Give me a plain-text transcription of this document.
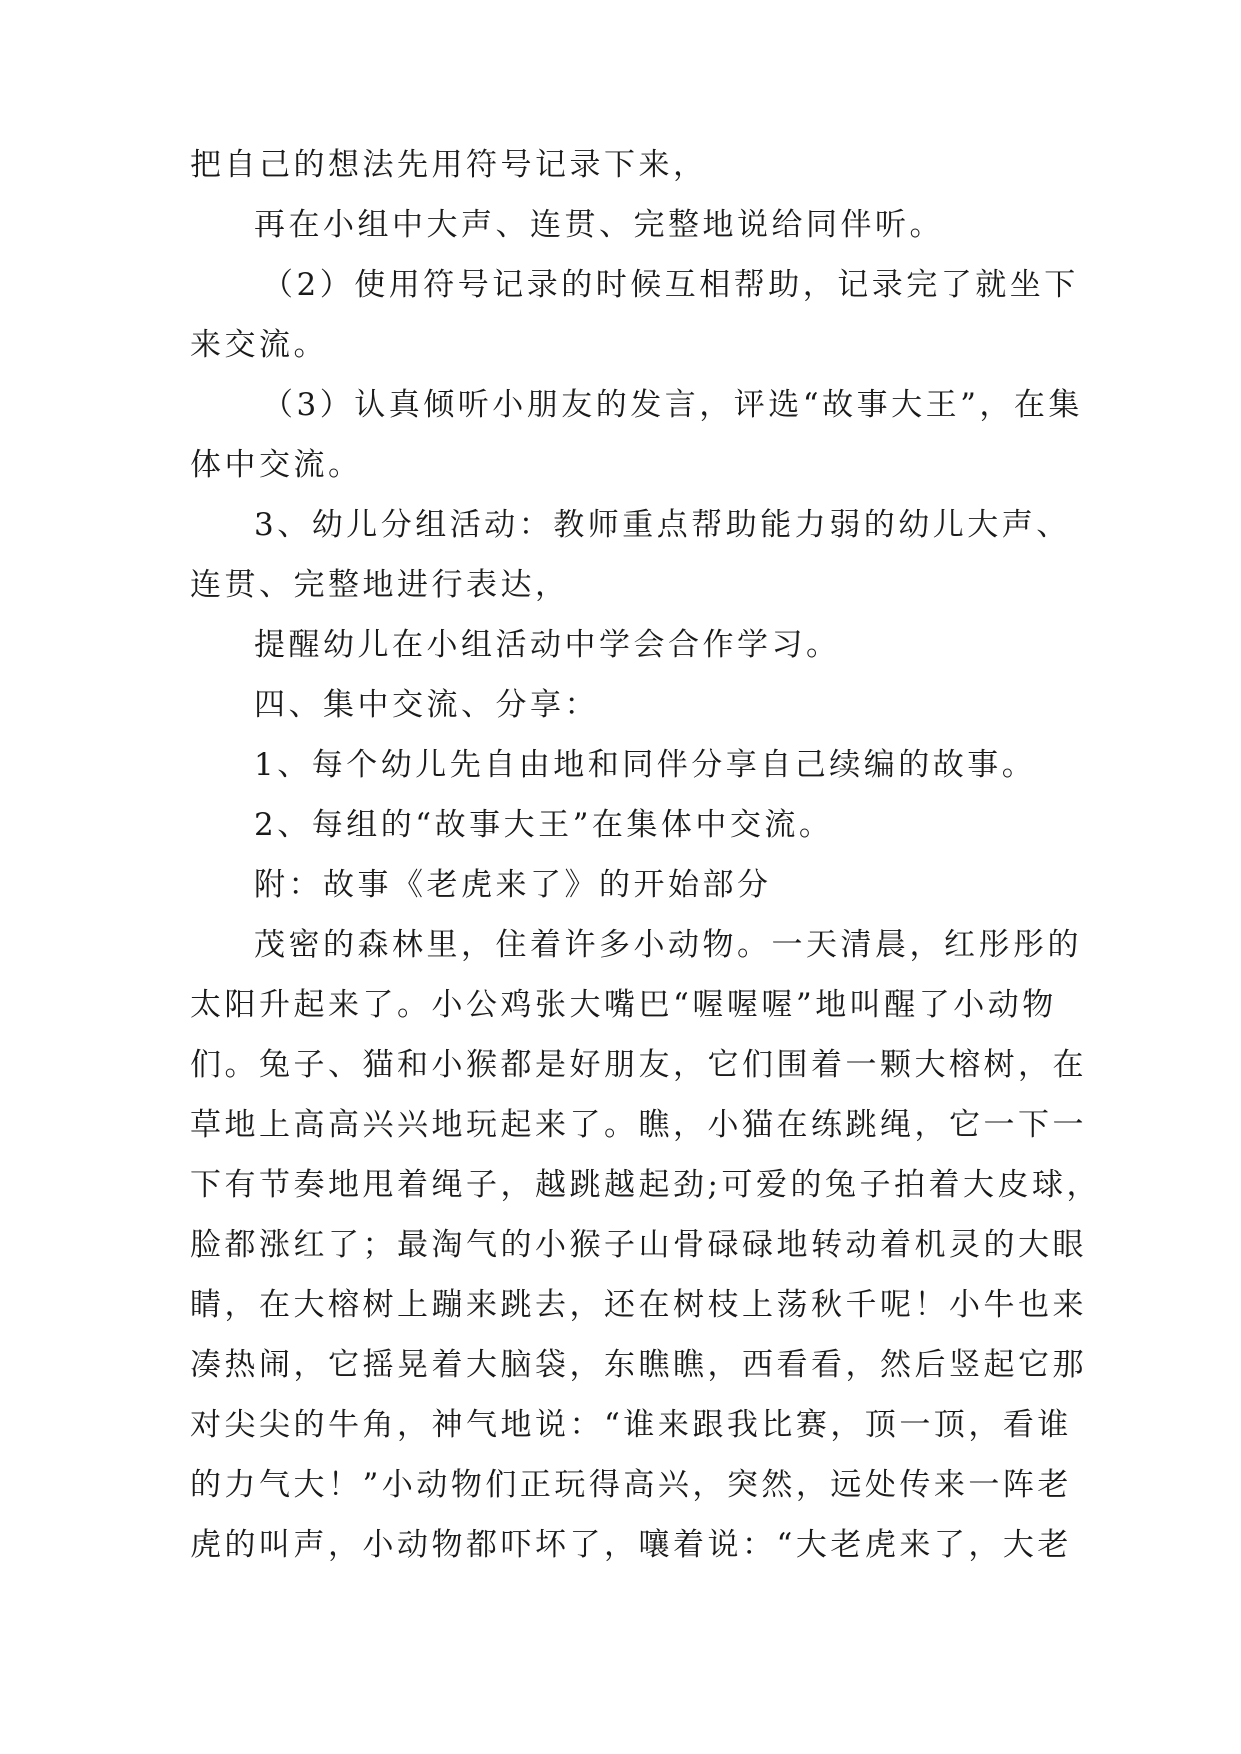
把自己的想法先用符号记录下来，
再在小组中大声、连贯、完整地说给同伴听。
（2）使用符号记录的时候互相帮助，记录完了就坐下
来交流。
（3）认真倾听小朋友的发言，评选“故事大王”，在集
体中交流。
3、幼儿分组活动：教师重点帮助能力弱的幼儿大声、
连贯、完整地进行表达，
提醒幼儿在小组活动中学会合作学习。
四、集中交流、分享：
1、每个幼儿先自由地和同伴分享自己续编的故事。
2、每组的“故事大王”在集体中交流。
附：故事《老虎来了》的开始部分
茂密的森林里，住着许多小动物。一天清晨，红彤彤的
太阳升起来了。小公鸡张大嘴巴“喔喔喔”地叫醒了小动物
们。兔子、猫和小猴都是好朋友，它们围着一颗大榕树，在
草地上高高兴兴地玩起来了。瞧，小猫在练跳绳，它一下一
下有节奏地甩着绳子，越跳越起劲;可爱的兔子拍着大皮球，
脸都涨红了；最淘气的小猴子山骨碌碌地转动着机灵的大眼
睛，在大榕树上蹦来跳去，还在树枝上荡秋千呢！小牛也来
凑热闹，它摇晃着大脑袋，东瞧瞧，西看看，然后竖起它那
对尖尖的牛角，神气地说：“谁来跟我比赛，顶一顶，看谁
的力气大！”小动物们正玩得高兴，突然，远处传来一阵老
虎的叫声，小动物都吓坏了，嚷着说：“大老虎来了，大老
